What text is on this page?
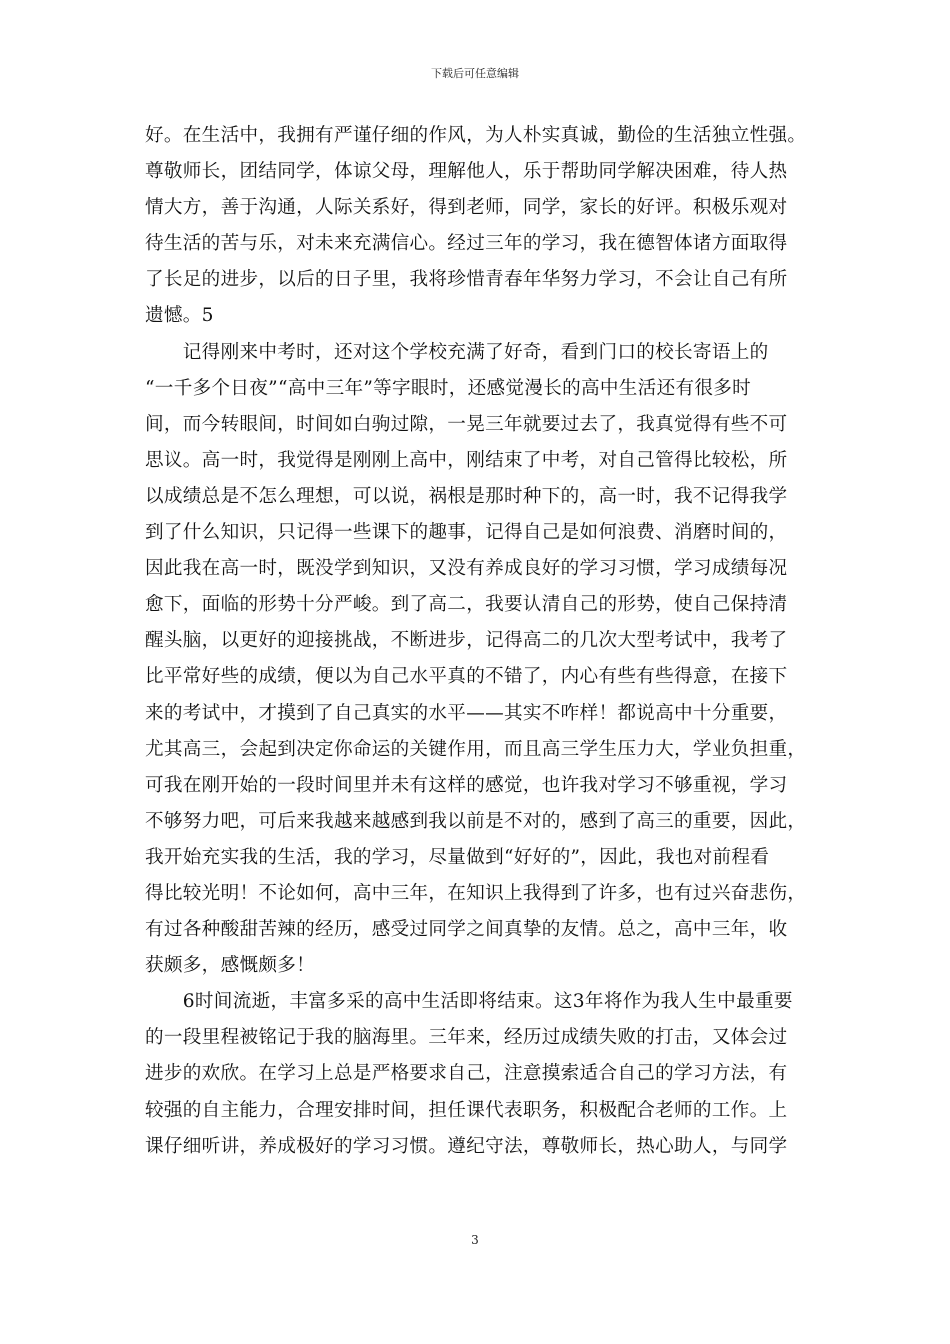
下载后可任意编辑

好。在生活中，我拥有严谨仔细的作风，为人朴实真诚，勤俭的生活独立性强。
尊敬师长，团结同学，体谅父母，理解他人，乐于帮助同学解决困难，待人热
情大方，善于沟通，人际关系好，得到老师，同学，家长的好评。积极乐观对
待生活的苦与乐，对未来充满信心。经过三年的学习，我在德智体诸方面取得
了长足的进步，以后的日子里，我将珍惜青春年华努力学习，不会让自己有所
遗憾。5

　　记得刚来中考时，还对这个学校充满了好奇，看到门口的校长寄语上的
“一千多个日夜”“高中三年”等字眼时，还感觉漫长的高中生活还有很多时
间，而今转眼间，时间如白驹过隙，一晃三年就要过去了，我真觉得有些不可
思议。高一时，我觉得是刚刚上高中，刚结束了中考，对自己管得比较松，所
以成绩总是不怎么理想，可以说，祸根是那时种下的，高一时，我不记得我学
到了什么知识，只记得一些课下的趣事，记得自己是如何浪费、消磨时间的，
因此我在高一时，既没学到知识，又没有养成良好的学习习惯，学习成绩每况
愈下，面临的形势十分严峻。到了高二，我要认清自己的形势，使自己保持清
醒头脑，以更好的迎接挑战，不断进步，记得高二的几次大型考试中，我考了
比平常好些的成绩，便以为自己水平真的不错了，内心有些有些得意，在接下
来的考试中，才摸到了自己真实的水平——其实不咋样！都说高中十分重要，
尤其高三，会起到决定你命运的关键作用，而且高三学生压力大，学业负担重，
可我在刚开始的一段时间里并未有这样的感觉，也许我对学习不够重视，学习
不够努力吧，可后来我越来越感到我以前是不对的，感到了高三的重要，因此，
我开始充实我的生活，我的学习，尽量做到“好好的”，因此，我也对前程看
得比较光明！不论如何，高中三年，在知识上我得到了许多，也有过兴奋悲伤，
有过各种酸甜苦辣的经历，感受过同学之间真挚的友情。总之，高中三年，收
获颇多，感慨颇多！

　　6时间流逝，丰富多采的高中生活即将结束。这3年将作为我人生中最重要
的一段里程被铭记于我的脑海里。三年来，经历过成绩失败的打击，又体会过
进步的欢欣。在学习上总是严格要求自己，注意摸索适合自己的学习方法，有
较强的自主能力，合理安排时间，担任课代表职务，积极配合老师的工作。上
课仔细听讲，养成极好的学习习惯。遵纪守法，尊敬师长，热心助人，与同学

3
